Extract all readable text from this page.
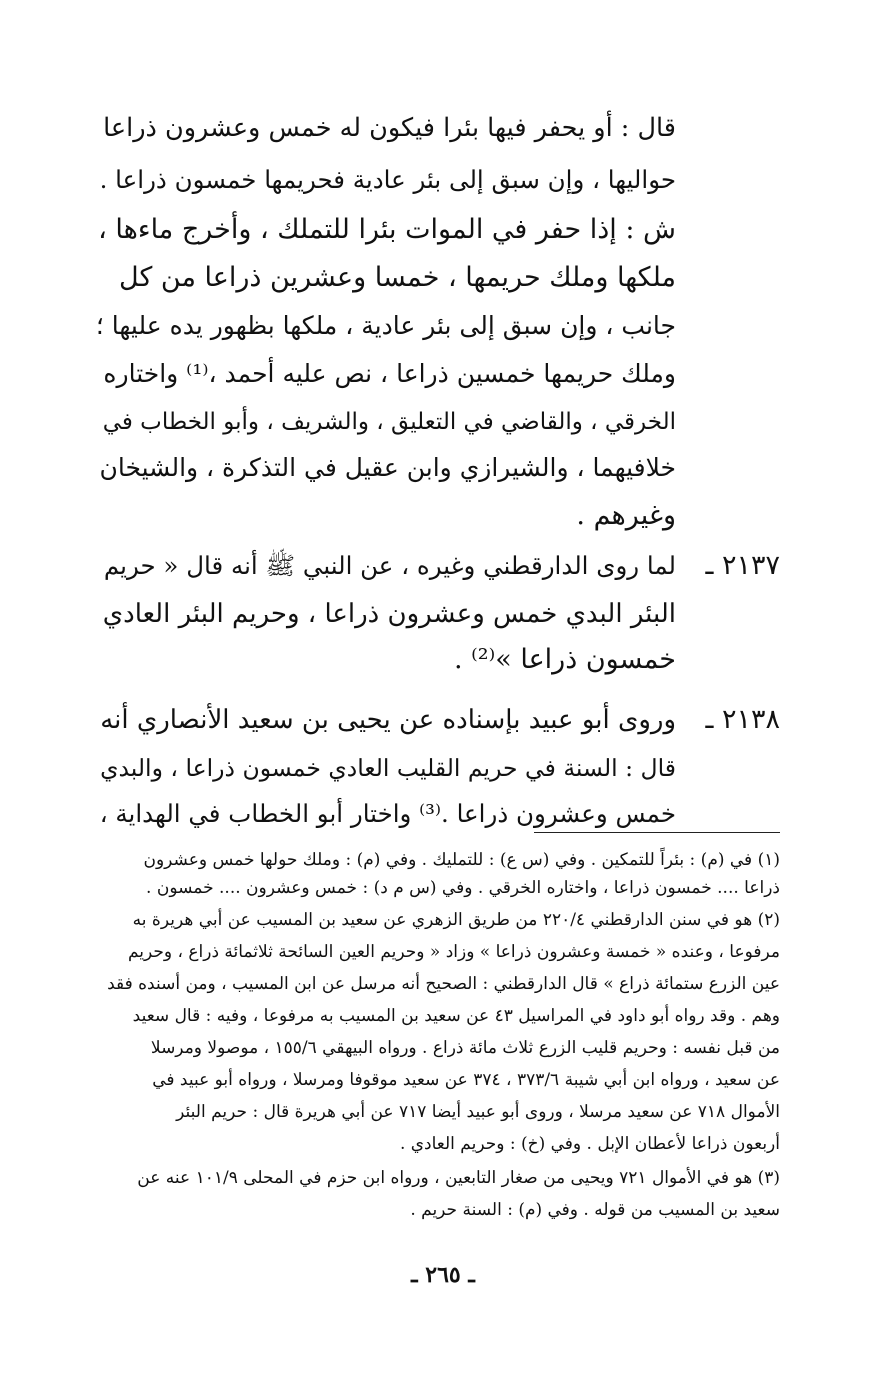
قال : أو يحفر فيها بئرا فيكون له خمس وعشرون ذراعا
حواليها ، وإن سبق إلى بئر عادية فحريمها خمسون ذراعا .
ش : إذا حفر في الموات بئرا للتملك ، وأخرج ماءها ،
ملكها وملك حريمها ، خمسا وعشرين ذراعا من كل
جانب ، وإن سبق إلى بئر عادية ، ملكها بظهور يده عليها ؛
وملك حريمها خمسين ذراعا ، نص عليه أحمد ،⁽¹⁾ واختاره
الخرقي ، والقاضي في التعليق ، والشريف ، وأبو الخطاب في
خلافيهما ، والشيرازي وابن عقيل في التذكرة ، والشيخان
وغيرهم .
٢١٣٧ ـ
لما روى الدارقطني وغيره ، عن النبي ﷺ أنه قال « حريم
البئر البدي خمس وعشرون ذراعا ، وحريم البئر العادي
خمسون ذراعا »⁽²⁾ .
٢١٣٨ ـ
وروى أبو عبيد بإسناده عن يحيى بن سعيد الأنصاري أنه
قال : السنة في حريم القليب العادي خمسون ذراعا ، والبدي
خمس وعشرون ذراعا .⁽³⁾ واختار أبو الخطاب في الهداية ،
(١) في (م) : بئراً للتمكين . وفي (س ع) : للتمليك . وفي (م) : وملك حولها خمس وعشرون
ذراعا .... خمسون ذراعا ، واختاره الخرقي . وفي (س م د) : خمس وعشرون .... خمسون .
(٢) هو في سنن الدارقطني ٢٢٠/٤ من طريق الزهري عن سعيد بن المسيب عن أبي هريرة به
مرفوعا ، وعنده « خمسة وعشرون ذراعا » وزاد « وحريم العين السائحة ثلاثمائة ذراع ، وحريم
عين الزرع ستمائة ذراع » قال الدارقطني : الصحيح أنه مرسل عن ابن المسيب ، ومن أسنده فقد
وهم . وقد رواه أبو داود في المراسيل ٤٣ عن سعيد بن المسيب به مرفوعا ، وفيه : قال سعيد
من قبل نفسه : وحريم قليب الزرع ثلاث مائة ذراع . ورواه البيهقي ١٥٥/٦ ، موصولا ومرسلا
عن سعيد ، ورواه ابن أبي شيبة ٣٧٣/٦ ، ٣٧٤ عن سعيد موقوفا ومرسلا ، ورواه أبو عبيد في
الأموال ٧١٨ عن سعيد مرسلا ، وروى أبو عبيد أيضا ٧١٧ عن أبي هريرة قال : حريم البئر
أربعون ذراعا لأعطان الإبل . وفي (خ) : وحريم العادي .
(٣) هو في الأموال ٧٢١ ويحيى من صغار التابعين ، ورواه ابن حزم في المحلى ١٠١/٩ عنه عن
سعيد بن المسيب من قوله . وفي (م) : السنة حريم .
ـ ٢٦٥ ـ
